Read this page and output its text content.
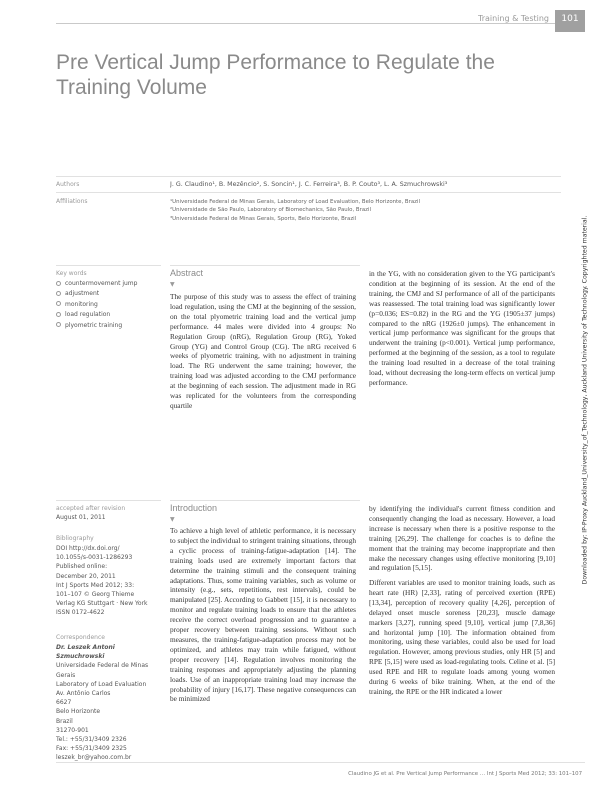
Training & Testing	101
Pre Vertical Jump Performance to Regulate the Training Volume
Authors	J. G. Claudino¹, B. Mezêncio², S. Soncin¹, J. C. Ferreira³, B. P. Couto³, L. A. Szmuchrowski³
Affiliations	¹Universidade Federal de Minas Gerais, Laboratory of Load Evaluation, Belo Horizonte, Brazil
²Universidade de São Paulo, Laboratory of Biomechanics, São Paulo, Brazil
³Universidade Federal de Minas Gerais, Sports, Belo Horizonte, Brazil
Key words
countermovement jump
adjustment
monitoring
load regulation
plyometric training
Abstract
▼
The purpose of this study was to assess the effect of training load regulation, using the CMJ at the beginning of the session, on the total plyometric training load and the vertical jump performance. 44 males were divided into 4 groups: No Regulation Group (nRG), Regulation Group (RG), Yoked Group (YG) and Control Group (CG). The nRG received 6 weeks of plyometric training, with no adjustment in training load. The RG underwent the same training; however, the training load was adjusted according to the CMJ performance at the beginning of each session. The adjustment made in RG was replicated for the volunteers from the corresponding quartile
in the YG, with no consideration given to the YG participant's condition at the beginning of its session. At the end of the training, the CMJ and SJ performance of all of the participants was reassessed. The total training load was significantly lower (p=0.036; ES=0.82) in the RG and the YG (1905±37 jumps) compared to the nRG (1926±0 jumps). The enhancement in vertical jump performance was significant for the groups that underwent the training (p<0.001). Vertical jump performance, performed at the beginning of the session, as a tool to regulate the training load resulted in a decrease of the total training load, without decreasing the long-term effects on vertical jump performance.
accepted after revision
August 01, 2011
Bibliography
DOI http://dx.doi.org/
10.1055/s-0031-1286293
Published online:
December 20, 2011
Int J Sports Med 2012; 33:
101–107 © Georg Thieme
Verlag KG Stuttgart · New York
ISSN 0172-4622
Correspondence
Dr. Leszek Antoni
Szmuchrowski
Universidade Federal de Minas
Gerais
Laboratory of Load Evaluation
Av. Antônio Carlos
6627
Belo Horizonte
Brazil
31270-901
Tel.: +55/31/3409 2326
Fax: +55/31/3409 2325
leszek_br@yahoo.com.br
Introduction
▼
To achieve a high level of athletic performance, it is necessary to subject the individual to stringent training situations, through a cyclic process of training-fatigue-adaptation [14]. The training loads used are extremely important factors that determine the training stimuli and the consequent training adaptations. Thus, some training variables, such as volume or intensity (e.g., sets, repetitions, rest intervals), could be manipulated [25]. According to Gabbett [15], it is necessary to monitor and regulate training loads to ensure that the athletes receive the correct overload progression and to guarantee a proper recovery between training sessions. Without such measures, the training-fatigue-adaptation process may not be optimized, and athletes may train while fatigued, without proper recovery [14]. Regulation involves monitoring the training responses and appropriately adjusting the planning loads. Use of an inappropriate training load may increase the probability of injury [16,17]. These negative consequences can be minimized
by identifying the individual's current fitness condition and consequently changing the load as necessary. However, a load increase is necessary when there is a positive response to the training [26,29]. The challenge for coaches is to define the moment that the training may become inappropriate and then make the necessary changes using effective monitoring [9,10] and regulation [5,15].
Different variables are used to monitor training loads, such as heart rate (HR) [2,33], rating of perceived exertion (RPE) [13,34], perception of recovery quality [4,26], perception of delayed onset muscle soreness [20,23], muscle damage markers [3,27], running speed [9,10], vertical jump [7,8,36] and horizontal jump [10]. The information obtained from monitoring, using these variables, could also be used for load regulation. However, among previous studies, only HR [5] and RPE [5,15] were used as load-regulating tools. Celine et al. [5] used RPE and HR to regulate loads among young women during 6 weeks of bike training. When, at the end of the training, the RPE or the HR indicated a lower
Claudino JG et al. Pre Vertical Jump Performance … Int J Sports Med 2012; 33: 101–107
Downloaded by: IP-Proxy Auckland_University_of_Technology, Auckland University of Technology. Copyrighted material.
